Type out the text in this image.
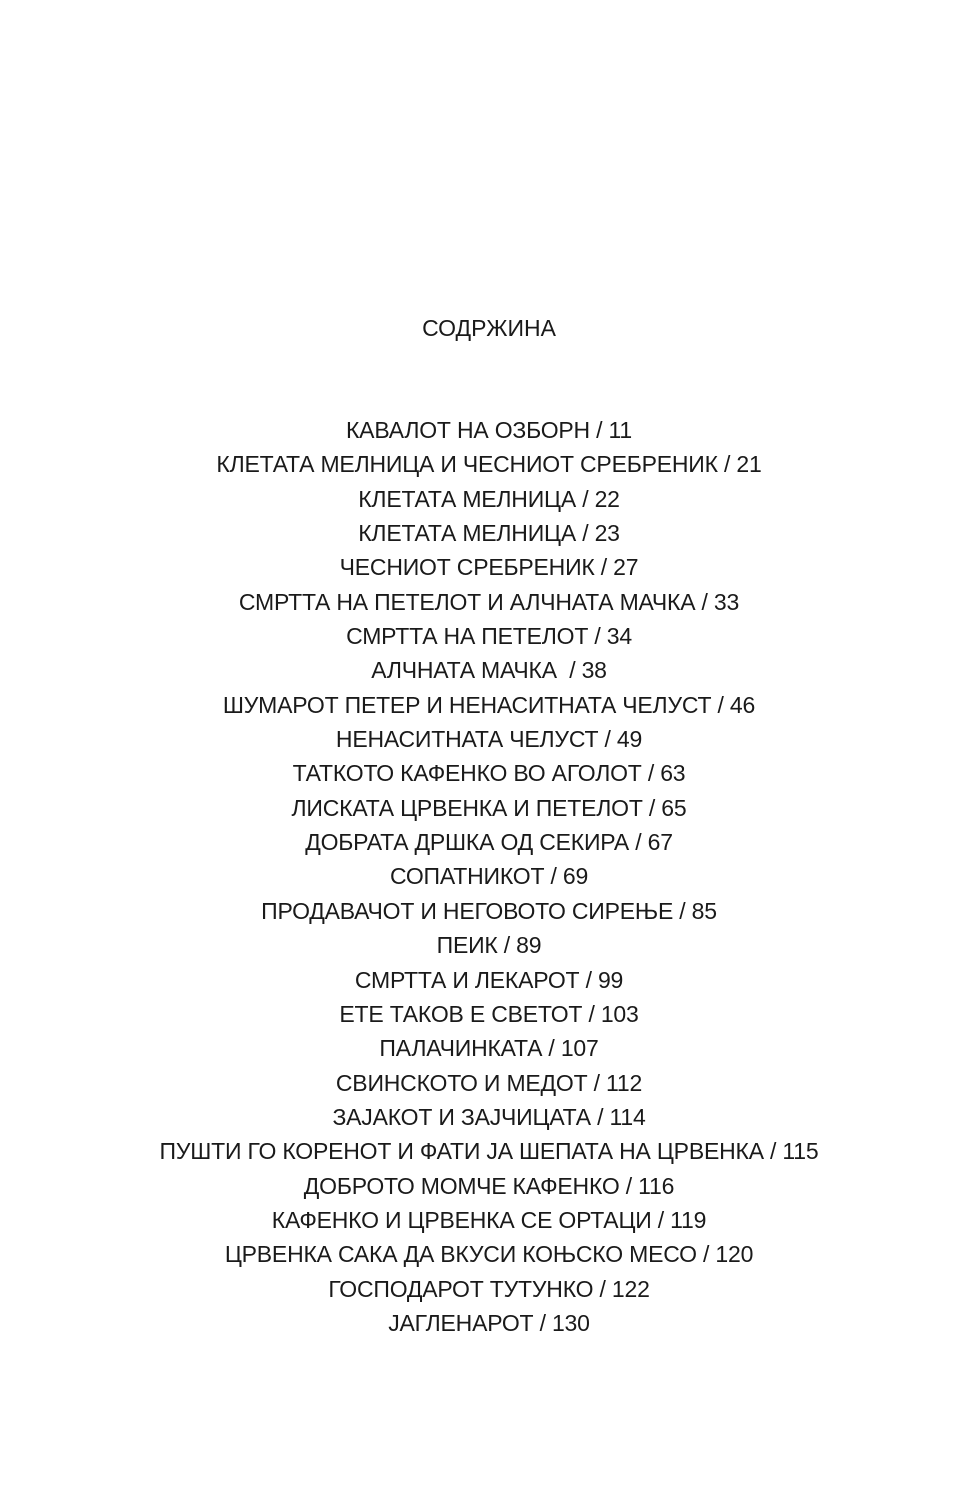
СОДРЖИНА
КАВАЛОТ НА ОЗБОРН / 11
КЛЕТАТА МЕЛНИЦА И ЧЕСНИОТ СРЕБРЕНИК / 21
КЛЕТАТА МЕЛНИЦА / 22
КЛЕТАТА МЕЛНИЦА / 23
ЧЕСНИОТ СРЕБРЕНИК / 27
СМРТТА НА ПЕТЕЛОТ И АЛЧНАТА МАЧКА / 33
СМРТТА НА ПЕТЕЛОТ / 34
АЛЧНАТА МАЧКА  / 38
ШУМАРОТ ПЕТЕР И НЕНАСИТНАТА ЧЕЛУСТ / 46
НЕНАСИТНАТА ЧЕЛУСТ / 49
ТАТКОТО КАФЕНКО ВО АГОЛОТ / 63
ЛИСКАТА ЦРВЕНКА И ПЕТЕЛОТ / 65
ДОБРАТА ДРШКА ОД СЕКИРА / 67
СОПАТНИКОТ / 69
ПРОДАВАЧОТ И НЕГОВОТО СИРЕЊЕ / 85
ПЕИК / 89
СМРТТА И ЛЕКАРОТ / 99
ЕТЕ ТАКОВ Е СВЕТОТ / 103
ПАЛАЧИНКАТА / 107
СВИНСКОТО И МЕДОТ / 112
ЗАЈАКОТ И ЗАЈЧИЦАТА / 114
ПУШТИ ГО КОРЕНОТ И ФАТИ ЈА ШЕПАТА НА ЦРВЕНКА / 115
ДОБРОТО МОМЧЕ КАФЕНКО / 116
КАФЕНКО И ЦРВЕНКА СЕ ОРТАЦИ / 119
ЦРВЕНКА САКА ДА ВКУСИ КОЊСКО МЕСО / 120
ГОСПОДАРОТ ТУТУНКО / 122
ЈАГЛЕНАРОТ / 130
